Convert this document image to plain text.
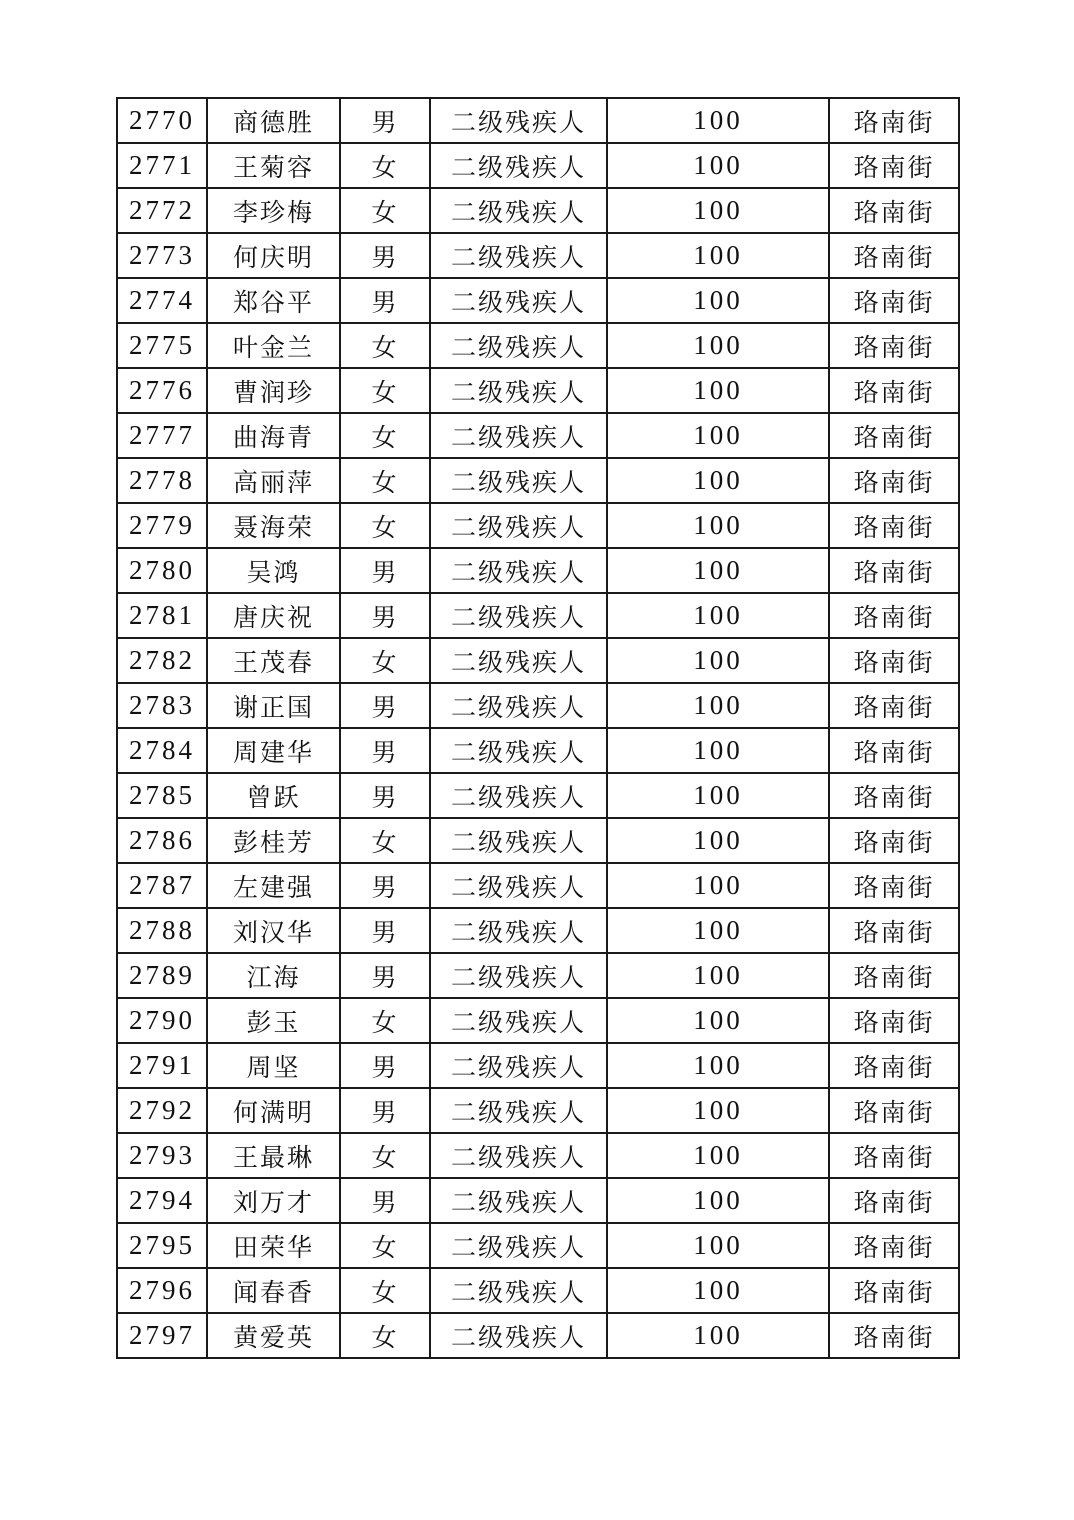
2770	商德胜	男	二级残疾人	100	珞南街
2771	王菊容	女	二级残疾人	100	珞南街
2772	李珍梅	女	二级残疾人	100	珞南街
2773	何庆明	男	二级残疾人	100	珞南街
2774	郑谷平	男	二级残疾人	100	珞南街
2775	叶金兰	女	二级残疾人	100	珞南街
2776	曹润珍	女	二级残疾人	100	珞南街
2777	曲海青	女	二级残疾人	100	珞南街
2778	高丽萍	女	二级残疾人	100	珞南街
2779	聂海荣	女	二级残疾人	100	珞南街
2780	吴鸿	男	二级残疾人	100	珞南街
2781	唐庆祝	男	二级残疾人	100	珞南街
2782	王茂春	女	二级残疾人	100	珞南街
2783	谢正国	男	二级残疾人	100	珞南街
2784	周建华	男	二级残疾人	100	珞南街
2785	曾跃	男	二级残疾人	100	珞南街
2786	彭桂芳	女	二级残疾人	100	珞南街
2787	左建强	男	二级残疾人	100	珞南街
2788	刘汉华	男	二级残疾人	100	珞南街
2789	江海	男	二级残疾人	100	珞南街
2790	彭玉	女	二级残疾人	100	珞南街
2791	周坚	男	二级残疾人	100	珞南街
2792	何满明	男	二级残疾人	100	珞南街
2793	王最琳	女	二级残疾人	100	珞南街
2794	刘万才	男	二级残疾人	100	珞南街
2795	田荣华	女	二级残疾人	100	珞南街
2796	闻春香	女	二级残疾人	100	珞南街
2797	黄爱英	女	二级残疾人	100	珞南街
